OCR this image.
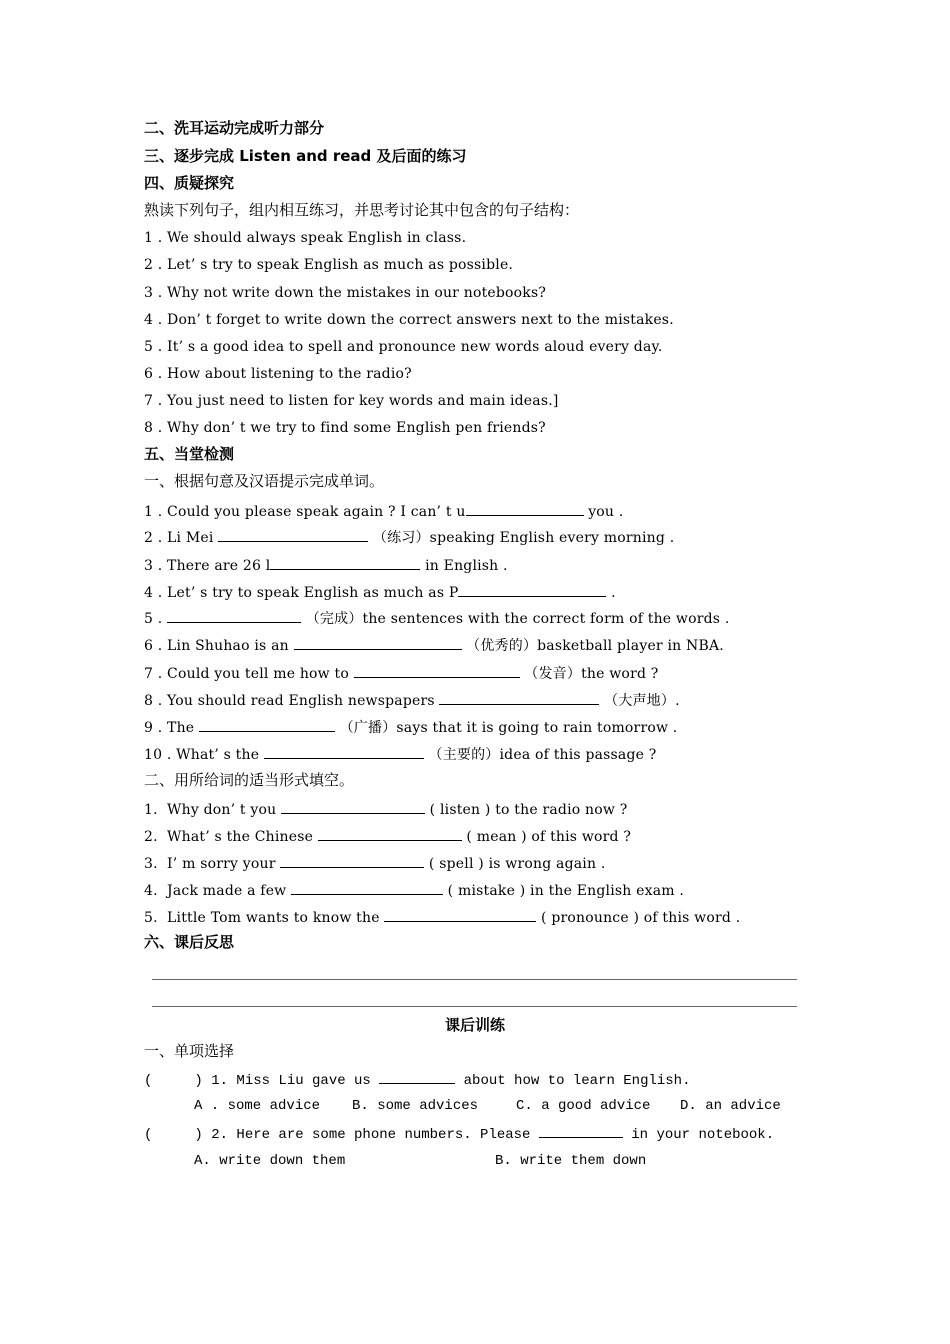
二、洗耳运动完成听力部分
三、逐步完成 Listen and read 及后面的练习
四、质疑探究
熟读下列句子，组内相互练习，并思考讨论其中包含的句子结构：
1 . We should always speak English in class.
2 . Let’ s try to speak English as much as possible.
3 . Why not write down the mistakes in our notebooks?
4 . Don’ t forget to write down the correct answers next to the mistakes.
5 . It’ s a good idea to spell and pronounce new words aloud every day.
6 . How about listening to the radio?
7 . You just need to listen for key words and main ideas.]
8 . Why don’ t we try to find some English pen friends?
五、当堂检测
一、根据句意及汉语提示完成单词。
1 . Could you please speak again ? I can’ t u	you .
2 . Li Mei	（练习）speaking English every morning .
3 . There are 26 l	in English .
4 . Let’ s try to speak English as much as P	.
5 .	（完成）the sentences with the correct form of the words .
6 . Lin Shuhao is an	（优秀的）basketball player in NBA.
7 . Could you tell me how to	（发音）the word ?
8 . You should read English newspapers	（大声地）.
9 . The	（广播）says that it is going to rain tomorrow .
10 . What’ s the	（主要的）idea of this passage ?
二、用所给词的适当形式填空。
1.  Why don’ t you	( listen ) to the radio now ?
2.  What’ s the Chinese	( mean ) of this word ?
3.  I’ m sorry your	( spell ) is wrong again .
4.  Jack made a few	( mistake ) in the English exam .
5.  Little Tom wants to know the	( pronounce ) of this word .
六、课后反思
课后训练
一、单项选择
(     ) 1. Miss Liu gave us	about how to learn English.
A . some advice B. some advices	C. a good advice D. an advice
(     ) 2. Here are some phone numbers. Please	in your notebook.
A. write down them	B. write them down
